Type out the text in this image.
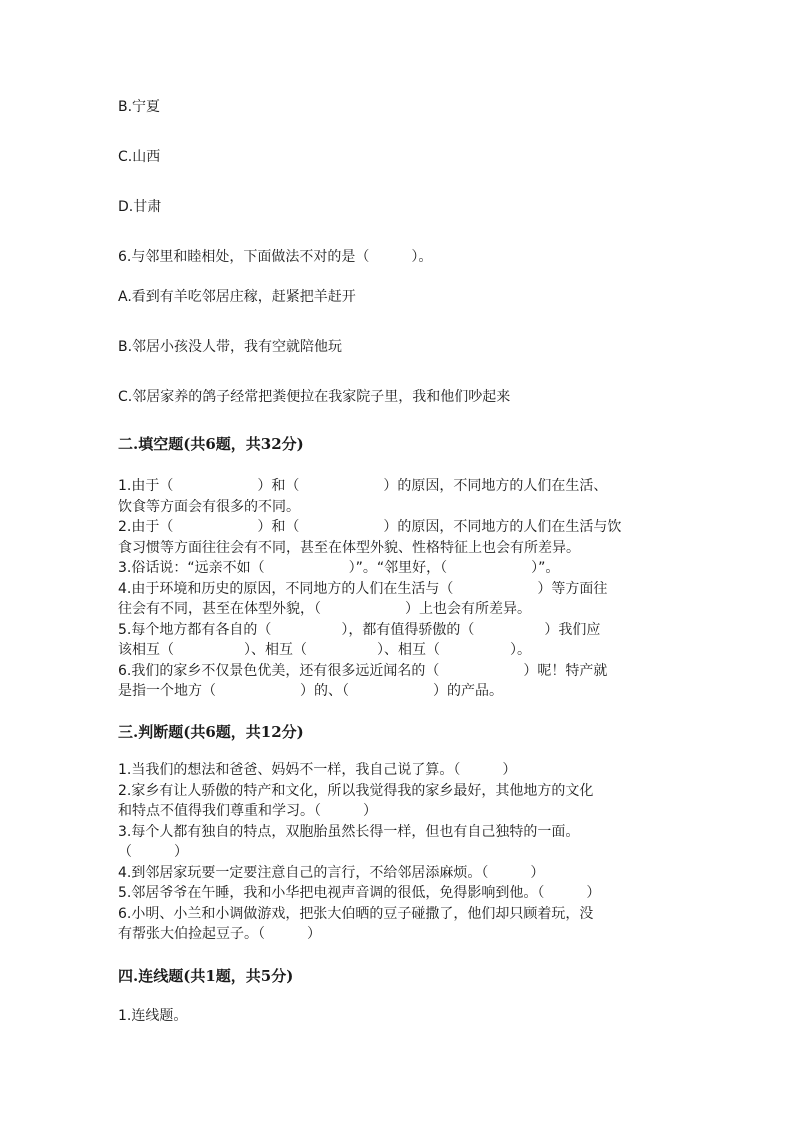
B.宁夏
C.山西
D.甘肃
6.与邻里和睦相处，下面做法不对的是（　　　）。
A.看到有羊吃邻居庄稼，赶紧把羊赶开
B.邻居小孩没人带，我有空就陪他玩
C.邻居家养的鸽子经常把粪便拉在我家院子里，我和他们吵起来
二.填空题(共6题，共32分)
1.由于（　　　　　　）和（　　　　　　）的原因，不同地方的人们在生活、
饮食等方面会有很多的不同。
2.由于（　　　　　　）和（　　　　　　）的原因，不同地方的人们在生活与饮
食习惯等方面往往会有不同，甚至在体型外貌、性格特征上也会有所差异。
3.俗话说：“远亲不如（　　　　　　）”。“邻里好，（　　　　　　）”。
4.由于环境和历史的原因，不同地方的人们在生活与（　　　　　　）等方面往
往会有不同，甚至在体型外貌，（　　　　　　）上也会有所差异。
5.每个地方都有各自的（　　　　　），都有值得骄傲的（　　　　　）我们应
该相互（　　　　　）、相互（　　　　　）、相互（　　　　　）。
6.我们的家乡不仅景色优美，还有很多远近闻名的（　　　　　　）呢！特产就
是指一个地方（　　　　　　）的、（　　　　　　）的产品。
三.判断题(共6题，共12分)
1.当我们的想法和爸爸、妈妈不一样，我自己说了算。（　　　）
2.家乡有让人骄傲的特产和文化，所以我觉得我的家乡最好，其他地方的文化
和特点不值得我们尊重和学习。（　　　）
3.每个人都有独自的特点，双胞胎虽然长得一样，但也有自己独特的一面。
（　　　）
4.到邻居家玩要一定要注意自己的言行，不给邻居添麻烦。（　　　）
5.邻居爷爷在午睡，我和小华把电视声音调的很低，免得影响到他。（　　　）
6.小明、小兰和小调做游戏，把张大伯晒的豆子碰撒了，他们却只顾着玩，没
有帮张大伯捡起豆子。（　　　）
四.连线题(共1题，共5分)
1.连线题。
